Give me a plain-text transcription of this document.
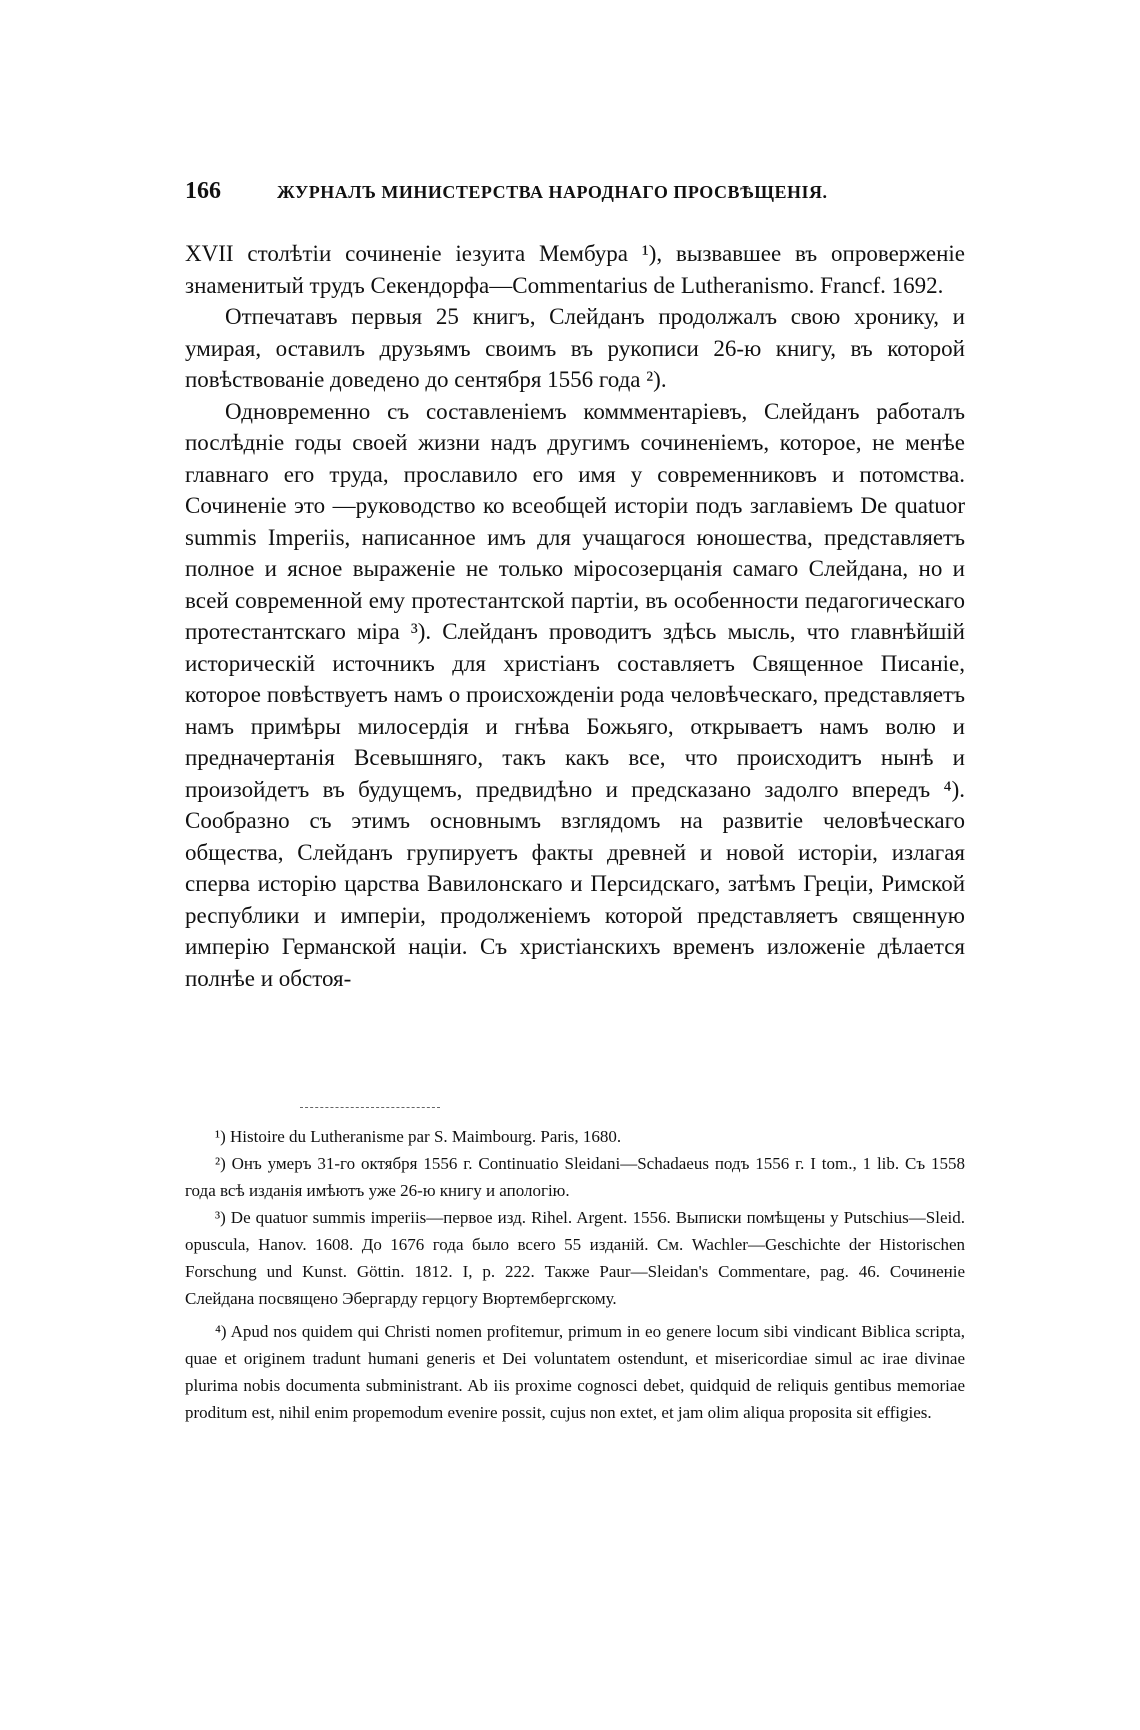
166	ЖУРНАЛЪ МИНИСТЕРСТВА НАРОДНАГО ПРОСВѢЩЕНІЯ.

XVII столѣтіи сочиненіе іезуита Мембура ¹), вызвавшее въ опроверженіе знаменитый трудъ Секендорфа—Commentarius de Lutheranismo. Francf. 1692.

Отпечатавъ первыя 25 книгъ, Слейданъ продолжалъ свою хронику, и умирая, оставилъ друзьямъ своимъ въ рукописи 26-ю книгу, въ которой повѣствованіе доведено до сентября 1556 года ²).

Одновременно съ составленіемъ коммментаріевъ, Слейданъ работалъ послѣдніе годы своей жизни надъ другимъ сочиненіемъ, которое, не менѣе главнаго его труда, прославило его имя у современниковъ и потомства. Сочиненіе это —руководство ко всеобщей исторіи подъ заглавіемъ De quatuor summis Imperiis, написанное имъ для учащагося юношества, представляетъ полное и ясное выраженіе не только міросозерцанія самаго Слейдана, но и всей современной ему протестантской партіи, въ особенности педагогическаго протестантскаго міра ³). Слейданъ проводитъ здѣсь мысль, что главнѣйшій историческій источникъ для христіанъ составляетъ Священное Писаніе, которое повѣствуетъ намъ о происхожденіи рода человѣческаго, представляетъ намъ примѣры милосердія и гнѣва Божьяго, открываетъ намъ волю и предначертанія Всевышняго, такъ какъ все, что происходитъ нынѣ и произойдетъ въ будущемъ, предвидѣно и предсказано задолго впередъ ⁴). Сообразно съ этимъ основнымъ взглядомъ на развитіе человѣческаго общества, Слейданъ групируетъ факты древней и новой исторіи, излагая сперва исторію царства Вавилонскаго и Персидскаго, затѣмъ Греціи, Римской республики и имперіи, продолженіемъ которой представляетъ священную имперію Германской націи. Съ христіанскихъ временъ изложеніе дѣлается полнѣе и обстоя-

¹) Histoire du Lutheranisme par S. Maimbourg. Paris, 1680.

²) Онъ умеръ 31-го октября 1556 г. Continuatio Sleidani—Schadaeus подъ 1556 г. I tom., 1 lib. Съ 1558 года всѣ изданія имѣютъ уже 26-ю книгу и апологію.

³) De quatuor summis imperiis—первое изд. Rihel. Argent. 1556. Выписки помѣщены у Putschius—Sleid. opuscula, Hanov. 1608. До 1676 года было всего 55 изданій. См. Wachler—Geschichte der Historischen Forschung und Kunst. Göttin. 1812. I, p. 222. Также Paur—Sleidan's Commentare, pag. 46. Сочиненіе Слейдана посвящено Эбергарду герцогу Вюртембергскому.

⁴) Apud nos quidem qui Christi nomen profitemur, primum in eo genere locum sibi vindicant Biblica scripta, quae et originem tradunt humani generis et Dei voluntatem ostendunt, et misericordiae simul ac irae divinae plurima nobis documenta subministrant. Ab iis proxime cognosci debet, quidquid de reliquis gentibus memoriae proditum est, nihil enim propemodum evenire possit, cujus non extet, et jam olim aliqua proposita sit effigies.
